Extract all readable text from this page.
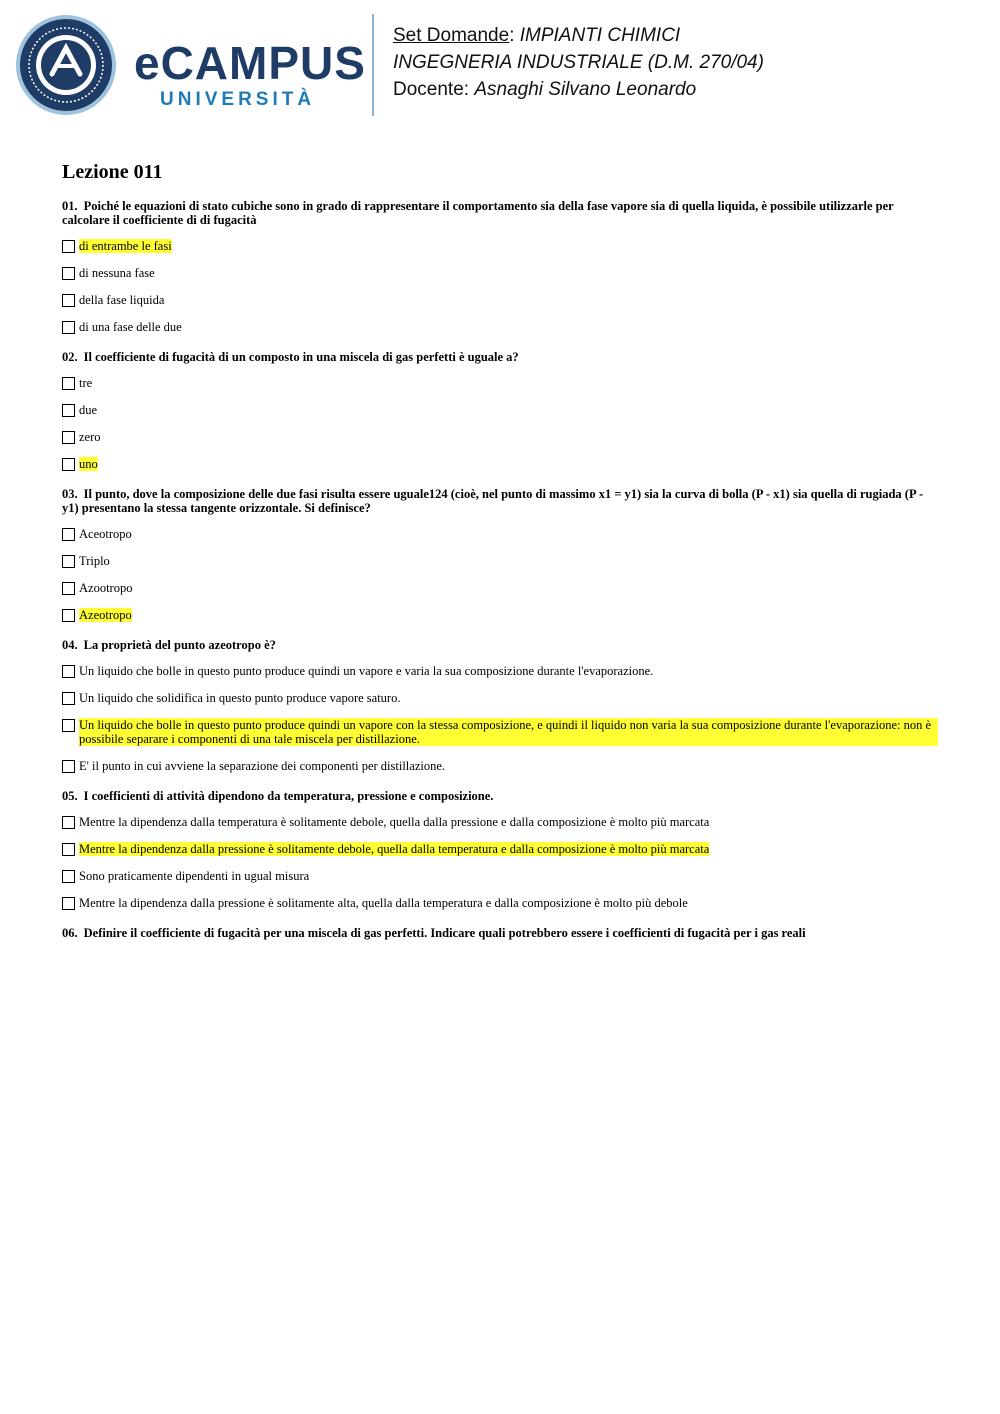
eCAMPUS
UNIVERSITÀ
Set Domande: IMPIANTI CHIMICI
INGEGNERIA INDUSTRIALE (D.M. 270/04)
Docente: Asnaghi Silvano Leonardo
Lezione 011
01. Poiché le equazioni di stato cubiche sono in grado di rappresentare il comportamento sia della fase vapore sia di quella liquida, è possibile utilizzarle per calcolare il coefficiente di di fugacità
di entrambe le fasi
di nessuna fase
della fase liquida
di una fase delle due
02. Il coefficiente di fugacità di un composto in una miscela di gas perfetti è uguale a?
tre
due
zero
uno
03. Il punto, dove la composizione delle due fasi risulta essere uguale124 (cioè, nel punto di massimo x1 = y1) sia la curva di bolla (P - x1) sia quella di rugiada (P - y1) presentano la stessa tangente orizzontale. Si definisce?
Aceotropo
Triplo
Azootropo
Azeotropo
04. La proprietà del punto azeotropo è?
Un liquido che bolle in questo punto produce quindi un vapore e varia la sua composizione durante l'evaporazione.
Un liquido che solidifica in questo punto produce vapore saturo.
Un liquido che bolle in questo punto produce quindi un vapore con la stessa composizione, e quindi il liquido non varia la sua composizione durante l'evaporazione: non è possibile separare i componenti di una tale miscela per distillazione.
E' il punto in cui avviene la separazione dei componenti per distillazione.
05. I coefficienti di attività dipendono da temperatura, pressione e composizione.
Mentre la dipendenza dalla temperatura è solitamente debole, quella dalla pressione e dalla composizione è molto più marcata
Mentre la dipendenza dalla pressione è solitamente debole, quella dalla temperatura e dalla composizione è molto più marcata
Sono praticamente dipendenti in ugual misura
Mentre la dipendenza dalla pressione è solitamente alta, quella dalla temperatura e dalla composizione è molto più debole
06. Definire il coefficiente di fugacità per una miscela di gas perfetti. Indicare quali potrebbero essere i coefficienti di fugacità per i gas reali
